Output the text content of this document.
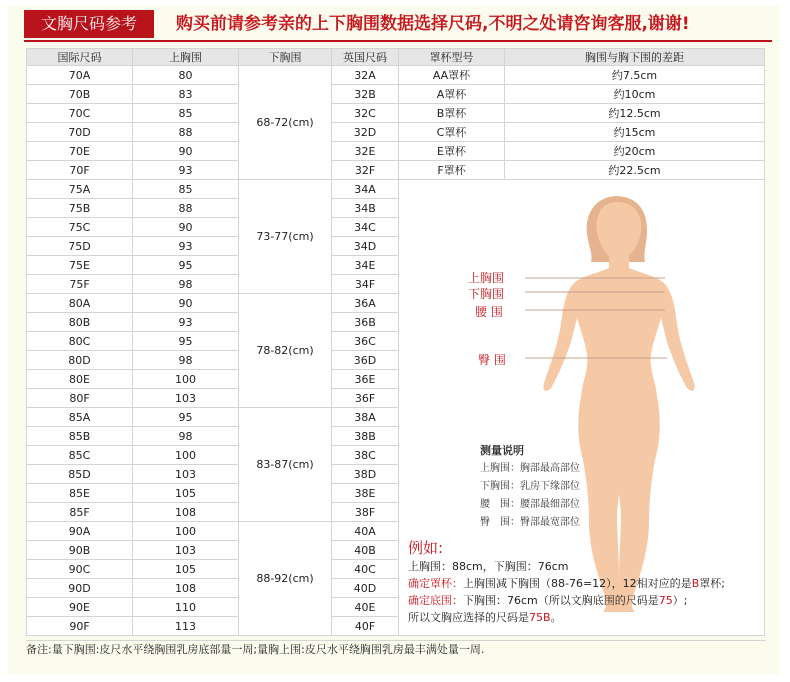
文胸尺码参考	购买前请参考亲的上下胸围数据选择尺码,不明之处请咨询客服,谢谢!
国际尺码	上胸围	下胸围	英国尺码	罩杯型号	胸围与胸下围的差距
70A	80	68-72(cm)	32A	AA罩杯	约7.5cm
70B	83		32B	A罩杯	约10cm
70C	85		32C	B罩杯	约12.5cm
70D	88		32D	C罩杯	约15cm
70E	90		32E	E罩杯	约20cm
70F	93		32F	F罩杯	约22.5cm
75A	85	73-77(cm)	34A		
75B	88		34B		
75C	90		34C		
75D	93		34D		
75E	95		34E		
75F	98		34F		
80A	90	78-82(cm)	36A		
80B	93		36B		
80C	95		36C		
80D	98		36D		
80E	100		36E		
80F	103		36F		
85A	95	83-87(cm)	38A		
85B	98		38B		
85C	100		38C		
85D	103		38D		
85E	105		38E		
85F	108		38F		
90A	100	88-92(cm)	40A		
90B	103		40B		
90C	105		40C		
90D	108		40D		
90E	110		40E		
90F	113		40F		
上胸围
下胸围
腰 围
臀 围
测量说明
上胸围：胸部最高部位
下胸围：乳房下缘部位
腰　围：腰部最细部位
臀　围：臀部最宽部位
例如:
上胸围：88cm，下胸围：76cm
确定罩杯：上胸围减下胸围（88-76=12），12相对应的是B罩杯;
确定底围：下胸围：76cm（所以文胸底围的尺码是75）;
所以文胸应选择的尺码是75B。
备注:量下胸围:皮尺水平绕胸围乳房底部量一周;量胸上围:皮尺水平绕胸围乳房最丰满处量一周.
